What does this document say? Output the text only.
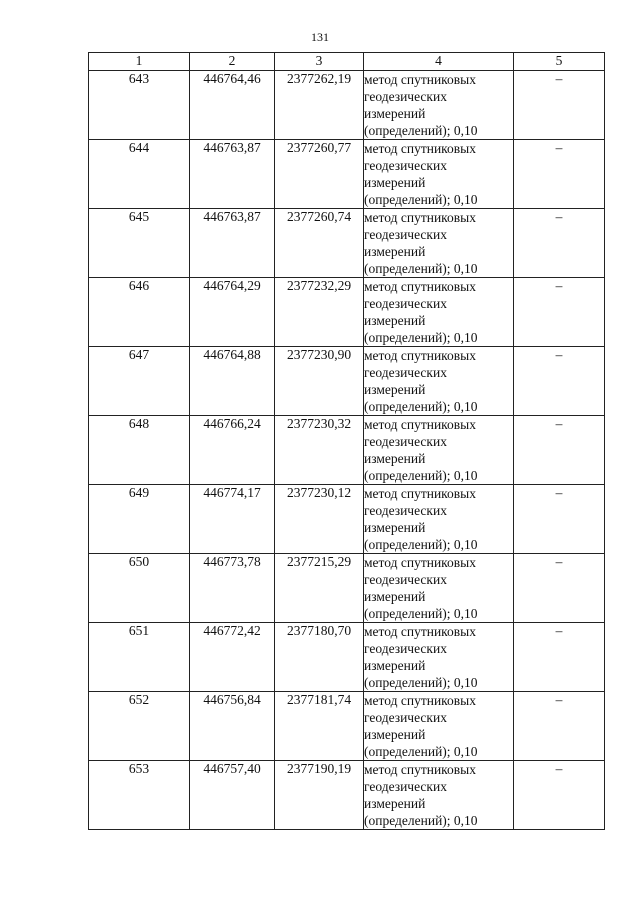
131
1	2	3	4	5
643	446764,46	2377262,19	метод спутниковых
геодезических
измерений
(определений); 0,10	–
644	446763,87	2377260,77	метод спутниковых
геодезических
измерений
(определений); 0,10	–
645	446763,87	2377260,74	метод спутниковых
геодезических
измерений
(определений); 0,10	–
646	446764,29	2377232,29	метод спутниковых
геодезических
измерений
(определений); 0,10	–
647	446764,88	2377230,90	метод спутниковых
геодезических
измерений
(определений); 0,10	–
648	446766,24	2377230,32	метод спутниковых
геодезических
измерений
(определений); 0,10	–
649	446774,17	2377230,12	метод спутниковых
геодезических
измерений
(определений); 0,10	–
650	446773,78	2377215,29	метод спутниковых
геодезических
измерений
(определений); 0,10	–
651	446772,42	2377180,70	метод спутниковых
геодезических
измерений
(определений); 0,10	–
652	446756,84	2377181,74	метод спутниковых
геодезических
измерений
(определений); 0,10	–
653	446757,40	2377190,19	метод спутниковых
геодезических
измерений
(определений); 0,10	–
